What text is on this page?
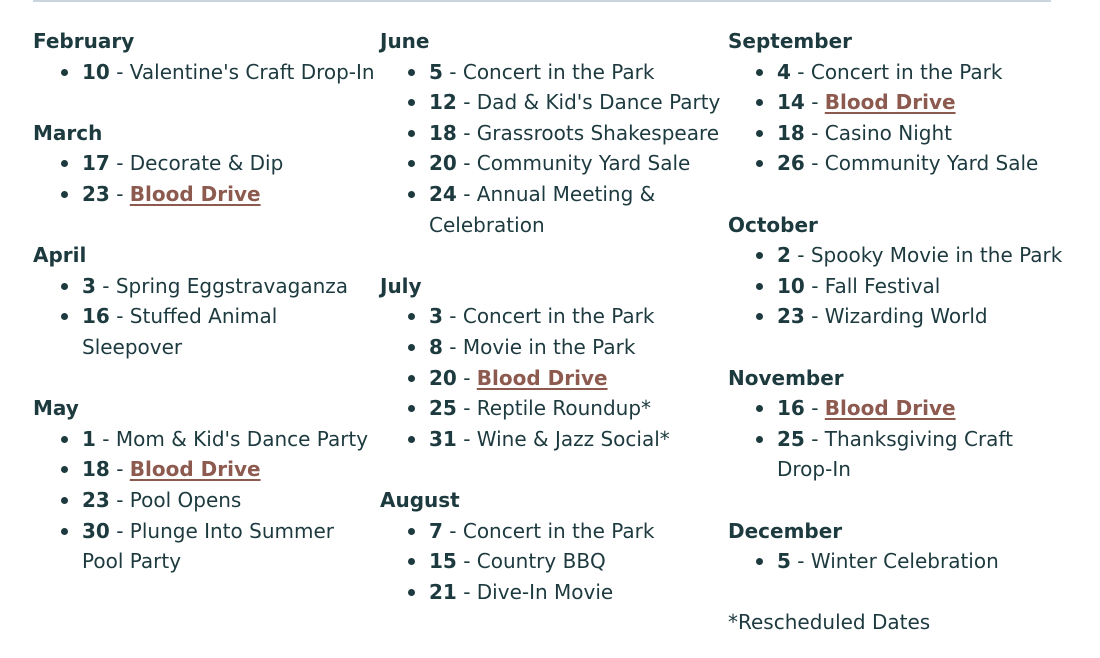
February
10 - Valentine's Craft Drop-In
March
17 - Decorate & Dip
23 - Blood Drive
April
3 - Spring Eggstravaganza
16 - Stuffed Animal Sleepover
May
1 - Mom & Kid's Dance Party
18 - Blood Drive
23 - Pool Opens
30 - Plunge Into Summer Pool Party
June
5 - Concert in the Park
12 - Dad & Kid's Dance Party
18 - Grassroots Shakespeare
20 - Community Yard Sale
24 - Annual Meeting & Celebration
July
3 - Concert in the Park
8 - Movie in the Park
20 - Blood Drive
25 - Reptile Roundup*
31 - Wine & Jazz Social*
August
7 - Concert in the Park
15 - Country BBQ
21 - Dive-In Movie
September
4 - Concert in the Park
14 - Blood Drive
18 - Casino Night
26 - Community Yard Sale
October
2 - Spooky Movie in the Park
10 - Fall Festival
23 - Wizarding World
November
16 - Blood Drive
25 - Thanksgiving Craft Drop-In
December
5 - Winter Celebration
*Rescheduled Dates
